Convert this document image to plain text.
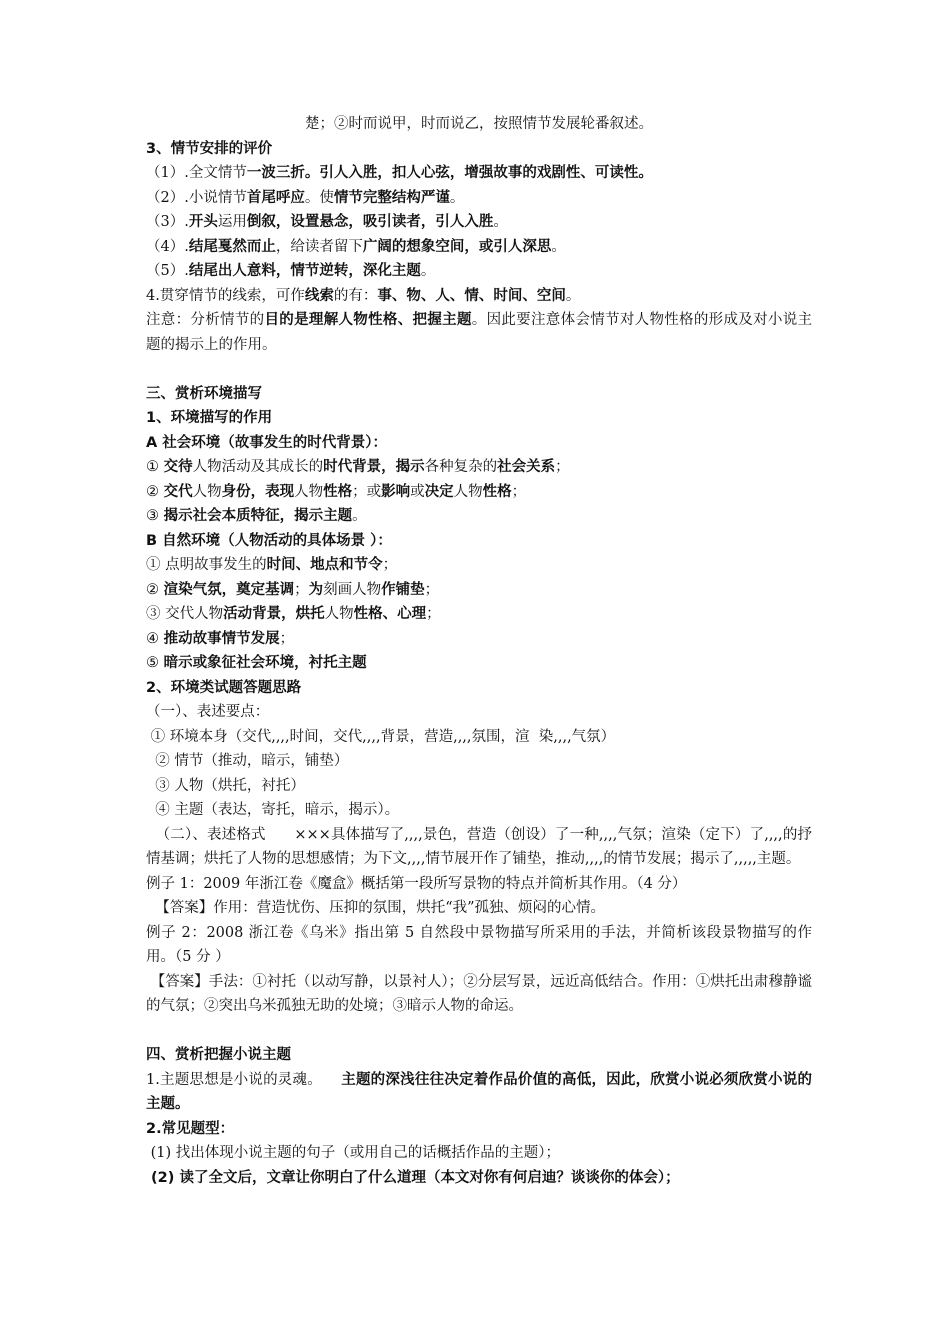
楚；②时而说甲，时而说乙，按照情节发展轮番叙述。
3、情节安排的评价
（1）.全文情节一波三折。引人入胜，扣人心弦，增强故事的戏剧性、可读性。
（2）.小说情节首尾呼应。使情节完整结构严谨。
（3）.开头运用倒叙，设置悬念，吸引读者，引人入胜。
（4）.结尾戛然而止，给读者留下广阔的想象空间，或引人深思。
（5）.结尾出人意料，情节逆转，深化主题。
4.贯穿情节的线索，可作线索的有：事、物、人、情、时间、空间。
注意：分析情节的目的是理解人物性格、把握主题。因此要注意体会情节对人物性格的形成及对小说主题的揭示上的作用。
三、赏析环境描写
1、环境描写的作用
A 社会环境（故事发生的时代背景）：
① 交待人物活动及其成长的时代背景，揭示各种复杂的社会关系；
② 交代人物身份，表现人物性格；或影响或决定人物性格；
③ 揭示社会本质特征，揭示主题。
B 自然环境（人物活动的具体场景 ）：
① 点明故事发生的时间、地点和节令；
② 渲染气氛，奠定基调；为刻画人物作铺垫；
③ 交代人物活动背景，烘托人物性格、心理；
④ 推动故事情节发展；
⑤ 暗示或象征社会环境，衬托主题
2、环境类试题答题思路
（一）、表述要点：
① 环境本身（交代,,,,时间，交代,,,,背景，营造,,,,氛围，渲  染,,,,气氛）
② 情节（推动，暗示，铺垫）
③ 人物（烘托，衬托）
④ 主题（表达，寄托，暗示，揭示）。
（二）、表述格式      ×××具体描写了,,,,景色，营造（创设）了一种,,,,气氛；渲染（定下）了,,,,的抒情基调；烘托了人物的思想感情；为下文,,,,情节展开作了铺垫，推动,,,,的情节发展；揭示了,,,,,主题。
例子 1：2009 年浙江卷《魔盒》概括第一段所写景物的特点并简析其作用。（4 分）
【答案】作用：营造忧伤、压抑的氛围，烘托“我”孤独、烦闷的心情。
例子 2：2008 浙江卷《乌米》指出第 5 自然段中景物描写所采用的手法，并简析该段景物描写的作用。（5 分 ）
【答案】手法：①衬托（以动写静，以景衬人）；②分层写景，远近高低结合。作用：①烘托出肃穆静谧的气氛；②突出乌米孤独无助的处境；③暗示人物的命运。
四、赏析把握小说主题
1.主题思想是小说的灵魂。    主题的深浅往往决定着作品价值的高低，因此，欣赏小说必须欣赏小说的主题。
2.常见题型：
(1) 找出体现小说主题的句子（或用自己的话概括作品的主题）；
(2) 读了全文后，文章让你明白了什么道理（本文对你有何启迪？谈谈你的体会）；
